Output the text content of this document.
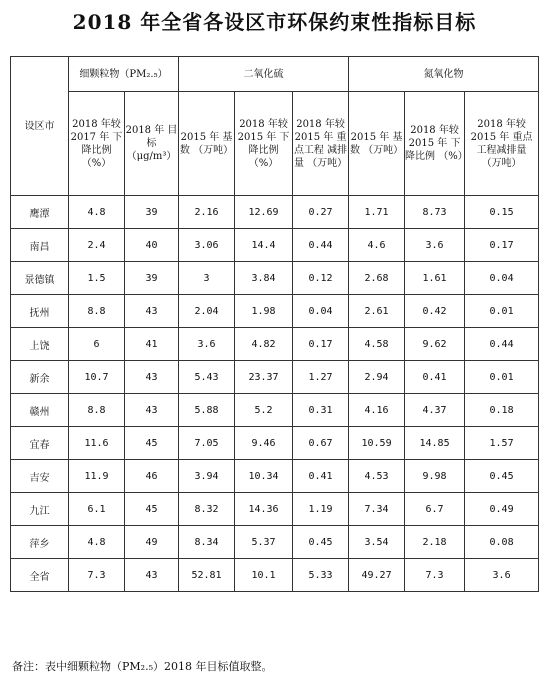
2018 年全省各设区市环保约束性指标目标
设区市	细颗粒物（PM₂.₅）		二氧化硫			氮氧化物		
	2018 年较 2017 年 下降比例 （%）	2018 年 目标 （μg/m³）	2015 年 基数 （万吨）	2018 年较 2015 年 下降比例 （%）	2018 年较 2015 年 重点工程 减排量 （万吨）	2015 年 基数 （万吨）	2018 年较 2015 年 下降比例 （%）	2018 年较 2015 年 重点 工程减排量 （万吨）
鹰潭	4.8	39	2.16	12.69	0.27	1.71	8.73	0.15
南昌	2.4	40	3.06	14.4	0.44	4.6	3.6	0.17
景德镇	1.5	39	3	3.84	0.12	2.68	1.61	0.04
抚州	8.8	43	2.04	1.98	0.04	2.61	0.42	0.01
上饶	6	41	3.6	4.82	0.17	4.58	9.62	0.44
新余	10.7	43	5.43	23.37	1.27	2.94	0.41	0.01
赣州	8.8	43	5.88	5.2	0.31	4.16	4.37	0.18
宜春	11.6	45	7.05	9.46	0.67	10.59	14.85	1.57
吉安	11.9	46	3.94	10.34	0.41	4.53	9.98	0.45
九江	6.1	45	8.32	14.36	1.19	7.34	6.7	0.49
萍乡	4.8	49	8.34	5.37	0.45	3.54	2.18	0.08
全省	7.3	43	52.81	10.1	5.33	49.27	7.3	3.6
备注：表中细颗粒物（PM₂.₅）2018 年目标值取整。
